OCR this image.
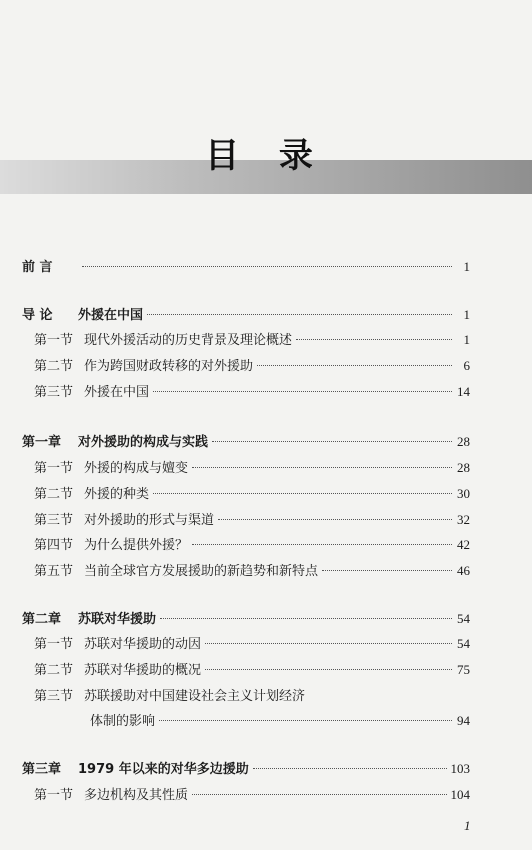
目 录
前 言	1
导 论	外援在中国	1
第一节 现代外援活动的历史背景及理论概述	1
第二节 作为跨国财政转移的对外援助	6
第三节 外援在中国	14
第一章	对外援助的构成与实践	28
第一节 外援的构成与嬗变	28
第二节 外援的种类	30
第三节 对外援助的形式与渠道	32
第四节 为什么提供外援？	42
第五节 当前全球官方发展援助的新趋势和新特点	46
第二章	苏联对华援助	54
第一节 苏联对华援助的动因	54
第二节 苏联对华援助的概况	75
第三节 苏联援助对中国建设社会主义计划经济
体制的影响	94
第三章	1979 年以来的对华多边援助	103
第一节 多边机构及其性质	104
1
